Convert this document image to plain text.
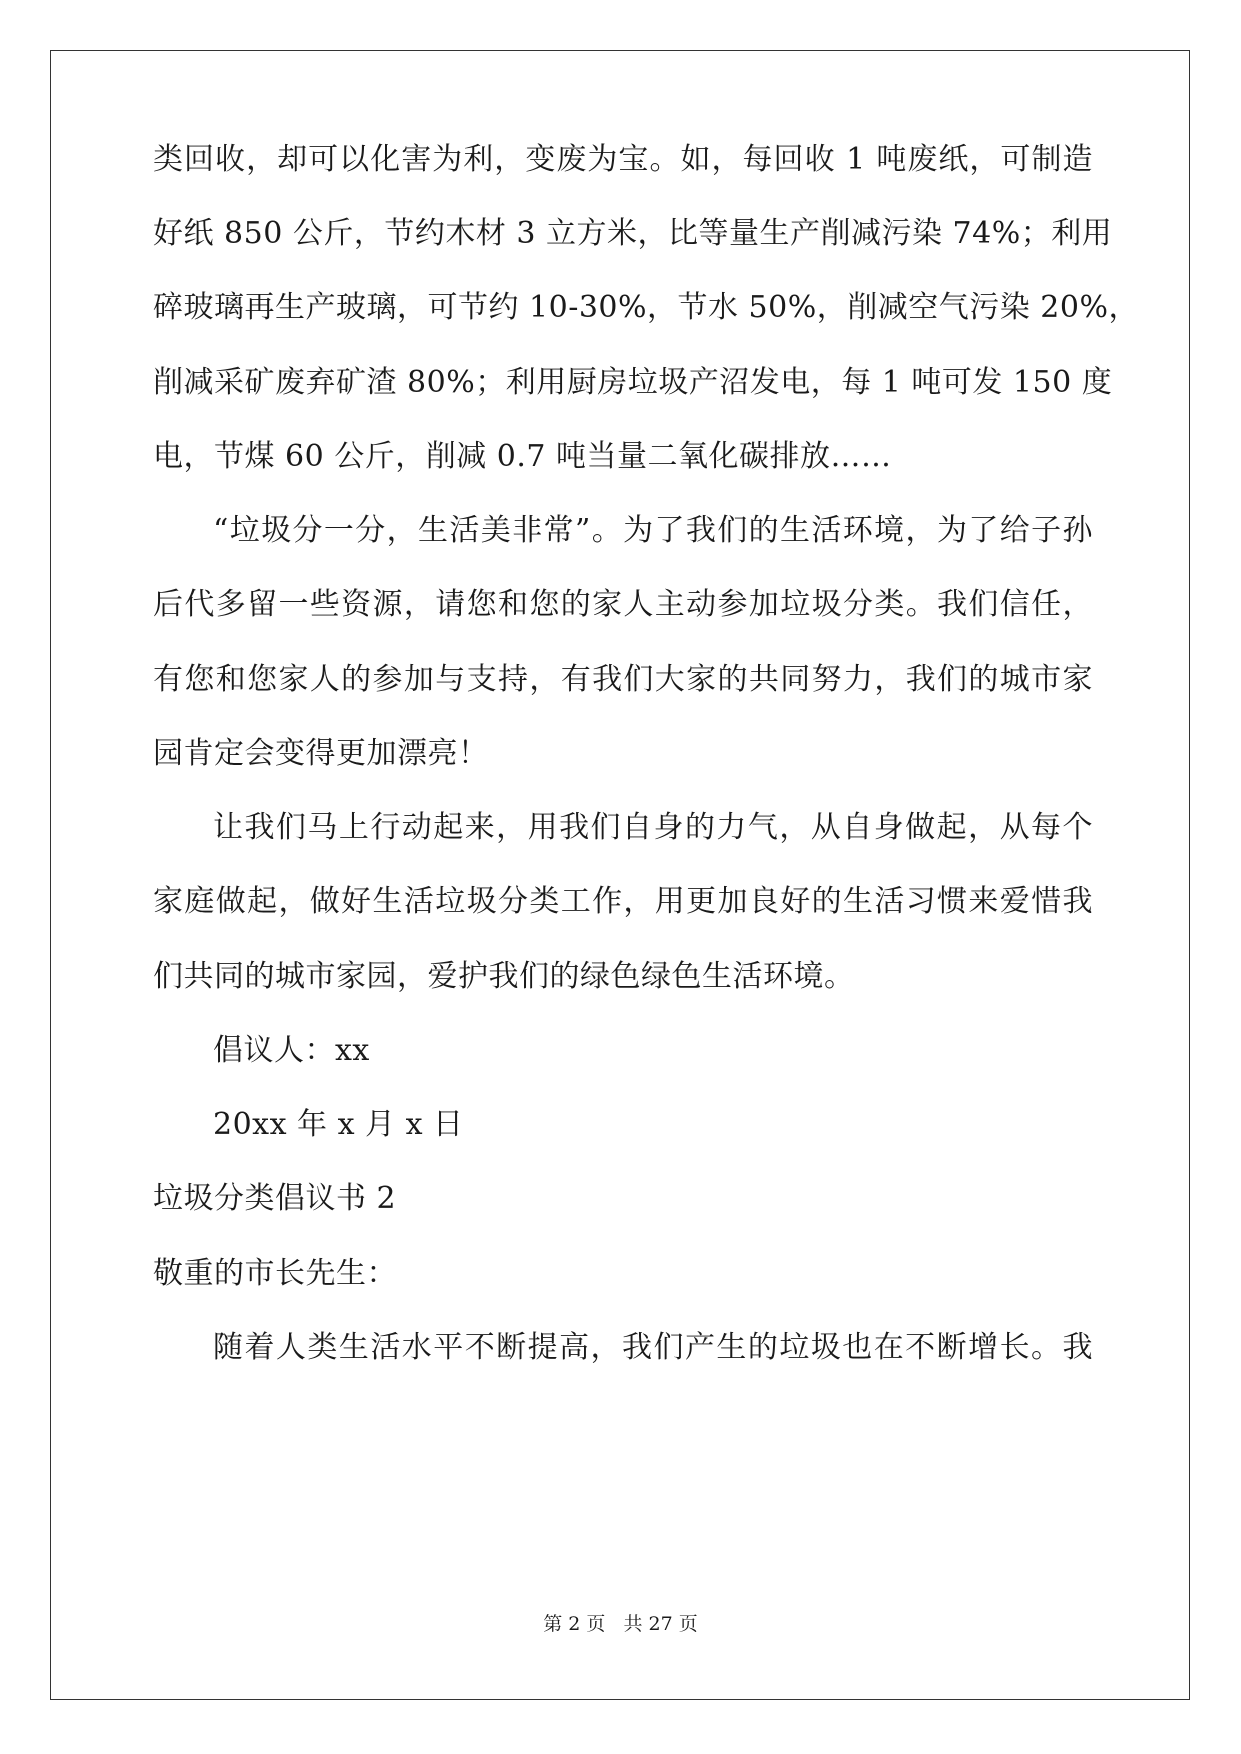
类回收，却可以化害为利，变废为宝。如，每回收 1 吨废纸，可制造
好纸 850 公斤，节约木材 3 立方米，比等量生产削减污染 74%；利用
碎玻璃再生产玻璃，可节约 10-30%，节水 50%，削减空气污染 20%，
削减采矿废弃矿渣 80%；利用厨房垃圾产沼发电，每 1 吨可发 150 度
电，节煤 60 公斤，削减 0.7 吨当量二氧化碳排放……
“垃圾分一分，生活美非常”。为了我们的生活环境，为了给子孙
后代多留一些资源，请您和您的家人主动参加垃圾分类。我们信任，
有您和您家人的参加与支持，有我们大家的共同努力，我们的城市家
园肯定会变得更加漂亮！
让我们马上行动起来，用我们自身的力气，从自身做起，从每个
家庭做起，做好生活垃圾分类工作，用更加良好的生活习惯来爱惜我
们共同的城市家园，爱护我们的绿色绿色生活环境。
倡议人：xx
20xx 年 x 月 x 日
垃圾分类倡议书 2
敬重的市长先生：
随着人类生活水平不断提高，我们产生的垃圾也在不断增长。我
第 2 页 共 27 页
